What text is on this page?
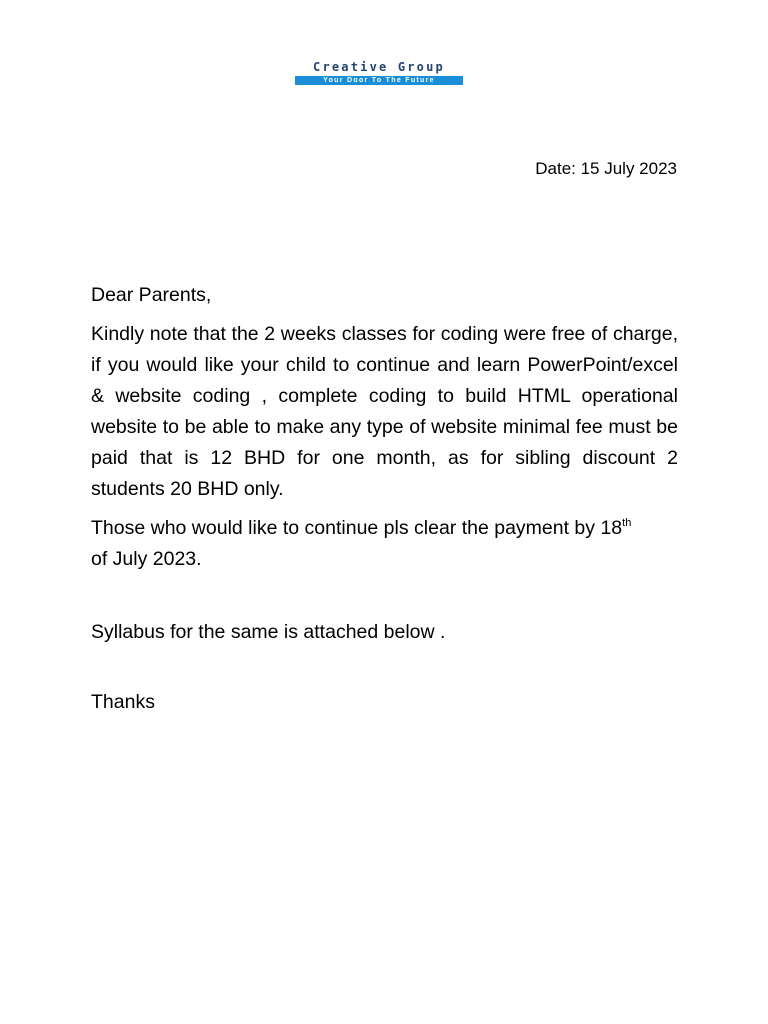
Creative Group
Your Door To The Future
Date: 15 July 2023

Dear Parents,

Kindly note that the 2 weeks classes for coding were free of charge, if you would like your child to continue and learn PowerPoint/excel & website coding , complete coding to build HTML operational website to be able to make any type of website minimal fee must be paid that is 12 BHD for one month, as for sibling discount 2 students 20 BHD only.

Those who would like to continue pls clear the payment by 18th
of July 2023.

Syllabus for the same is attached below .

Thanks
